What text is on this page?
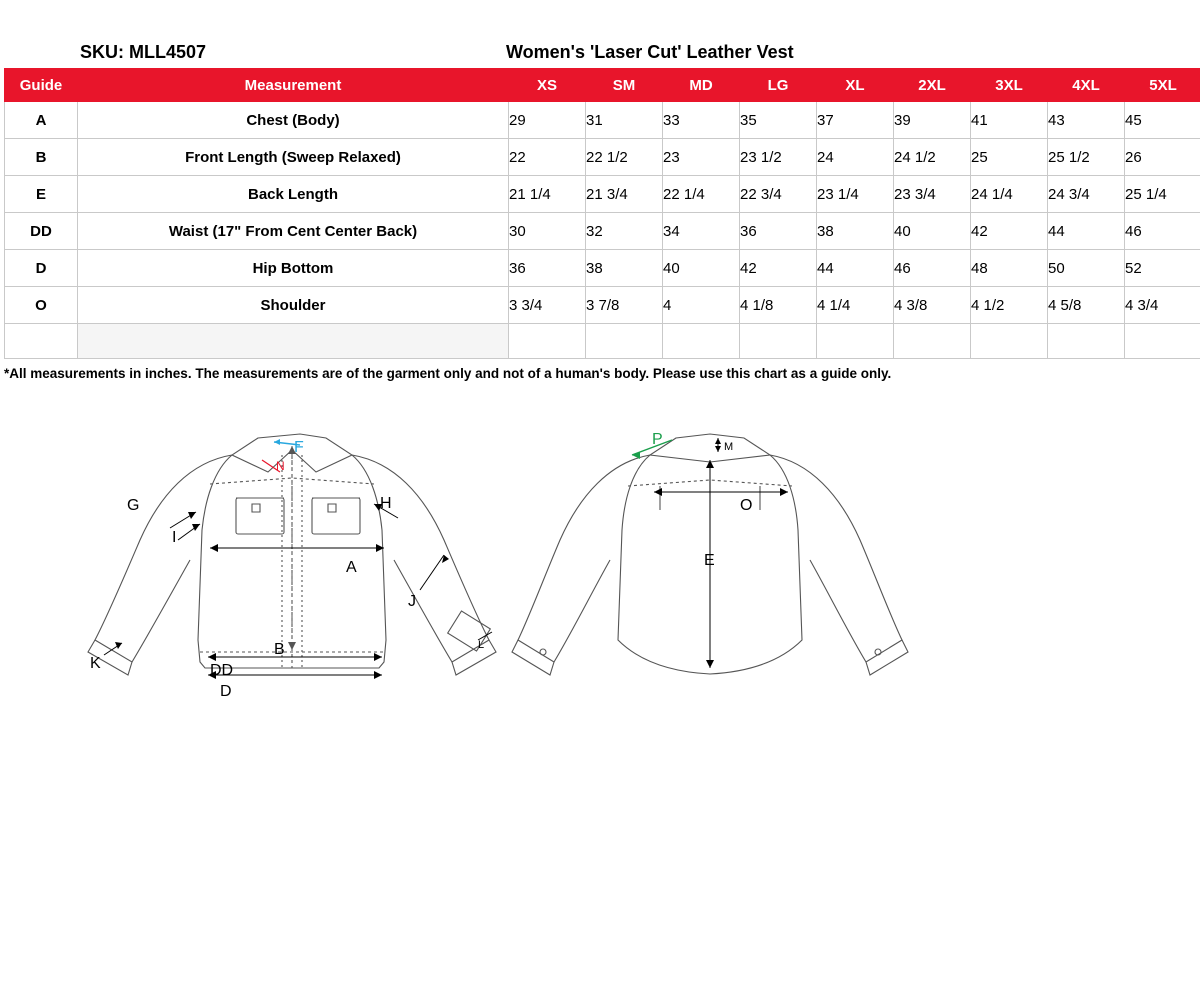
SKU: MLL4507	Women's 'Laser Cut' Leather Vest
Guide	Measurement	XS	SM	MD	LG	XL	2XL	3XL	4XL	5XL
A	Chest (Body)	29	31	33	35	37	39	41	43	45
B	Front Length (Sweep Relaxed)	22	22 1/2	23	23 1/2	24	24 1/2	25	25 1/2	26
E	Back Length	21 1/4	21 3/4	22 1/4	22 3/4	23 1/4	23 3/4	24 1/4	24 3/4	25 1/4
DD	Waist (17" From Cent Center Back)	30	32	34	36	38	40	42	44	46
D	Hip Bottom	36	38	40	42	44	46	48	50	52
O	Shoulder	3 3/4	3 7/8	4	4 1/8	4 1/4	4 3/8	4 1/2	4 5/8	4 3/4

*All measurements in inches. The measurements are of the garment only and not of a human's body. Please use this chart as a guide only.
F
N
G	H
I
A
J
L
K
B
DD
D
P	M
O
E
